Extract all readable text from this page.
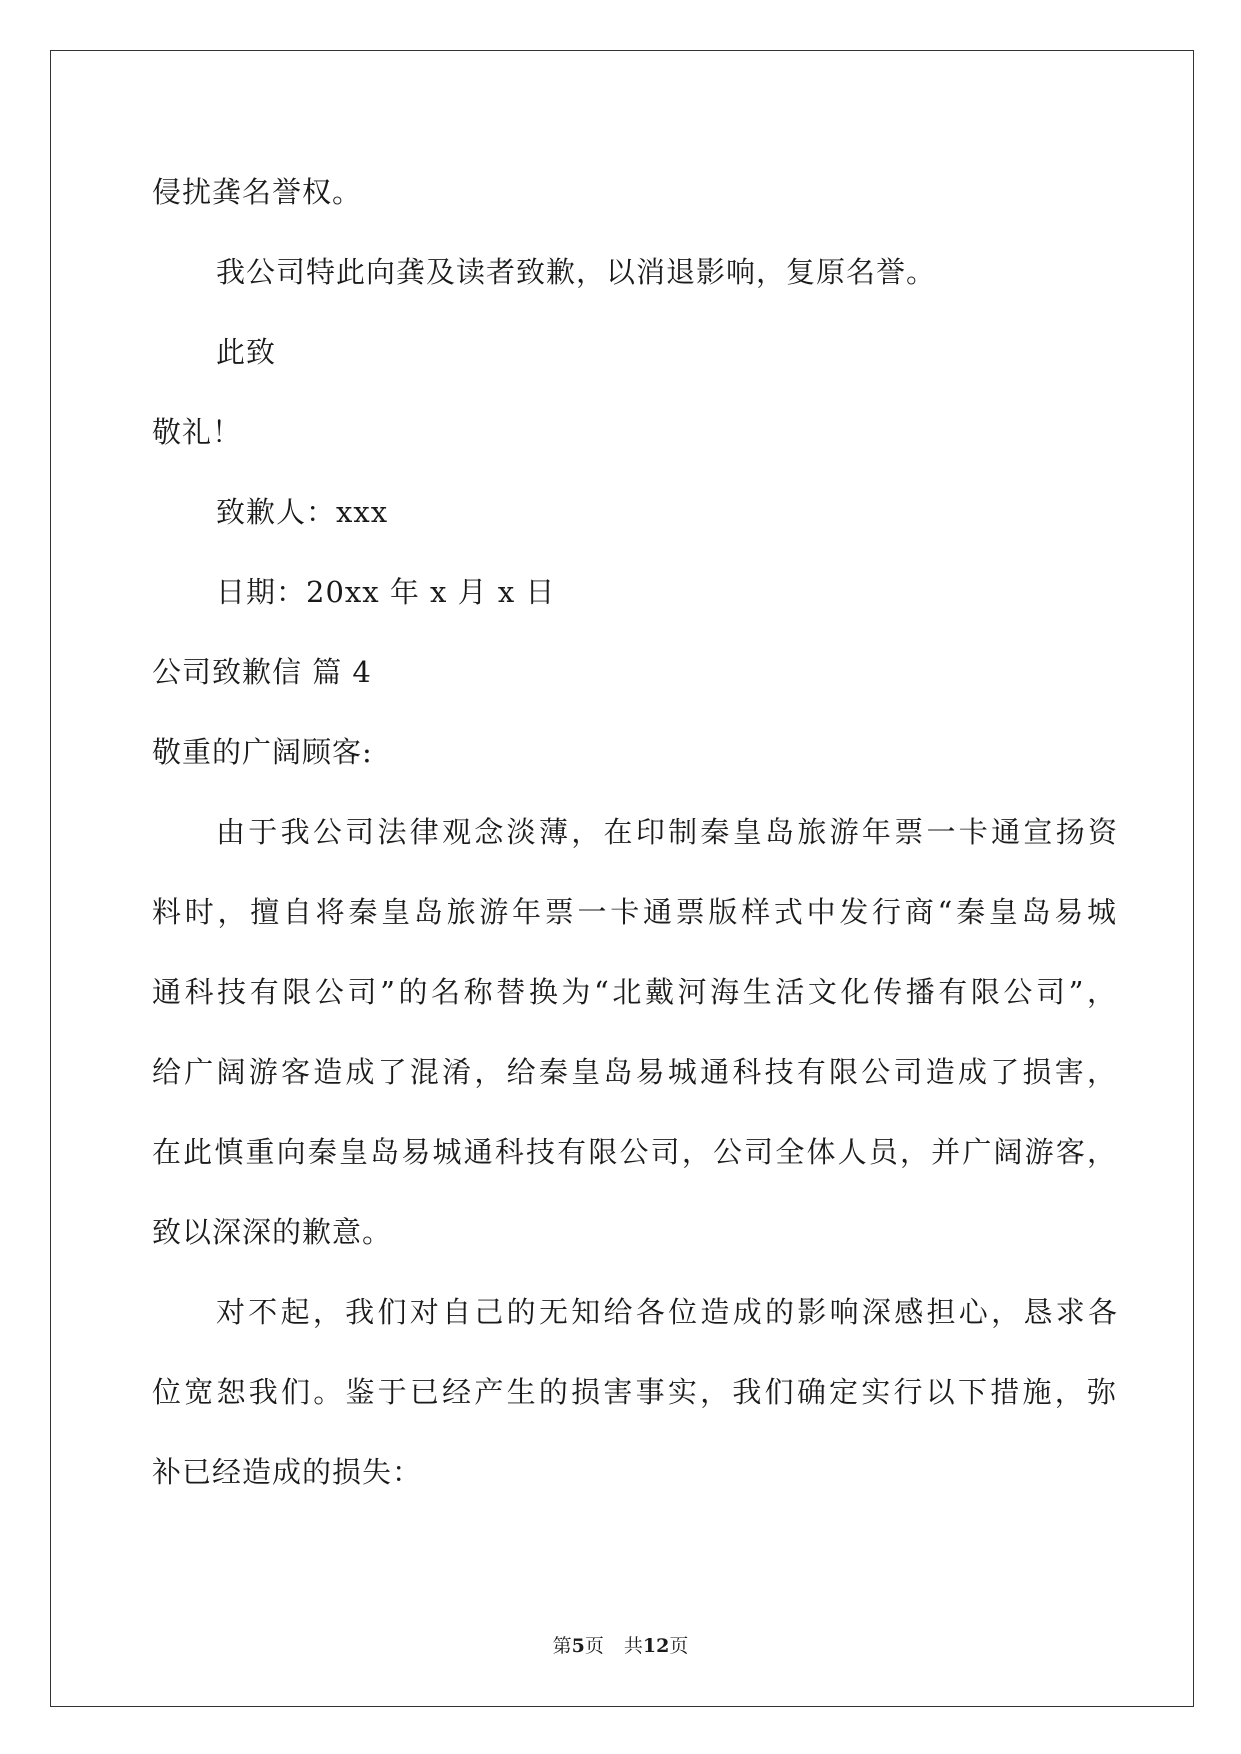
侵扰龚名誉权。
我公司特此向龚及读者致歉，以消退影响，复原名誉。
此致
敬礼！
致歉人：xxx
日期：20xx 年 x 月 x 日
公司致歉信 篇 4
敬重的广阔顾客:
由于我公司法律观念淡薄，在印制秦皇岛旅游年票一卡通宣扬资
料时，擅自将秦皇岛旅游年票一卡通票版样式中发行商“秦皇岛易城
通科技有限公司”的名称替换为“北戴河海生活文化传播有限公司”，
给广阔游客造成了混淆，给秦皇岛易城通科技有限公司造成了损害，
在此慎重向秦皇岛易城通科技有限公司，公司全体人员，并广阔游客，
致以深深的歉意。
对不起，我们对自己的无知给各位造成的影响深感担心，恳求各
位宽恕我们。鉴于已经产生的损害事实，我们确定实行以下措施，弥
补已经造成的损失：
第5页 共12页
